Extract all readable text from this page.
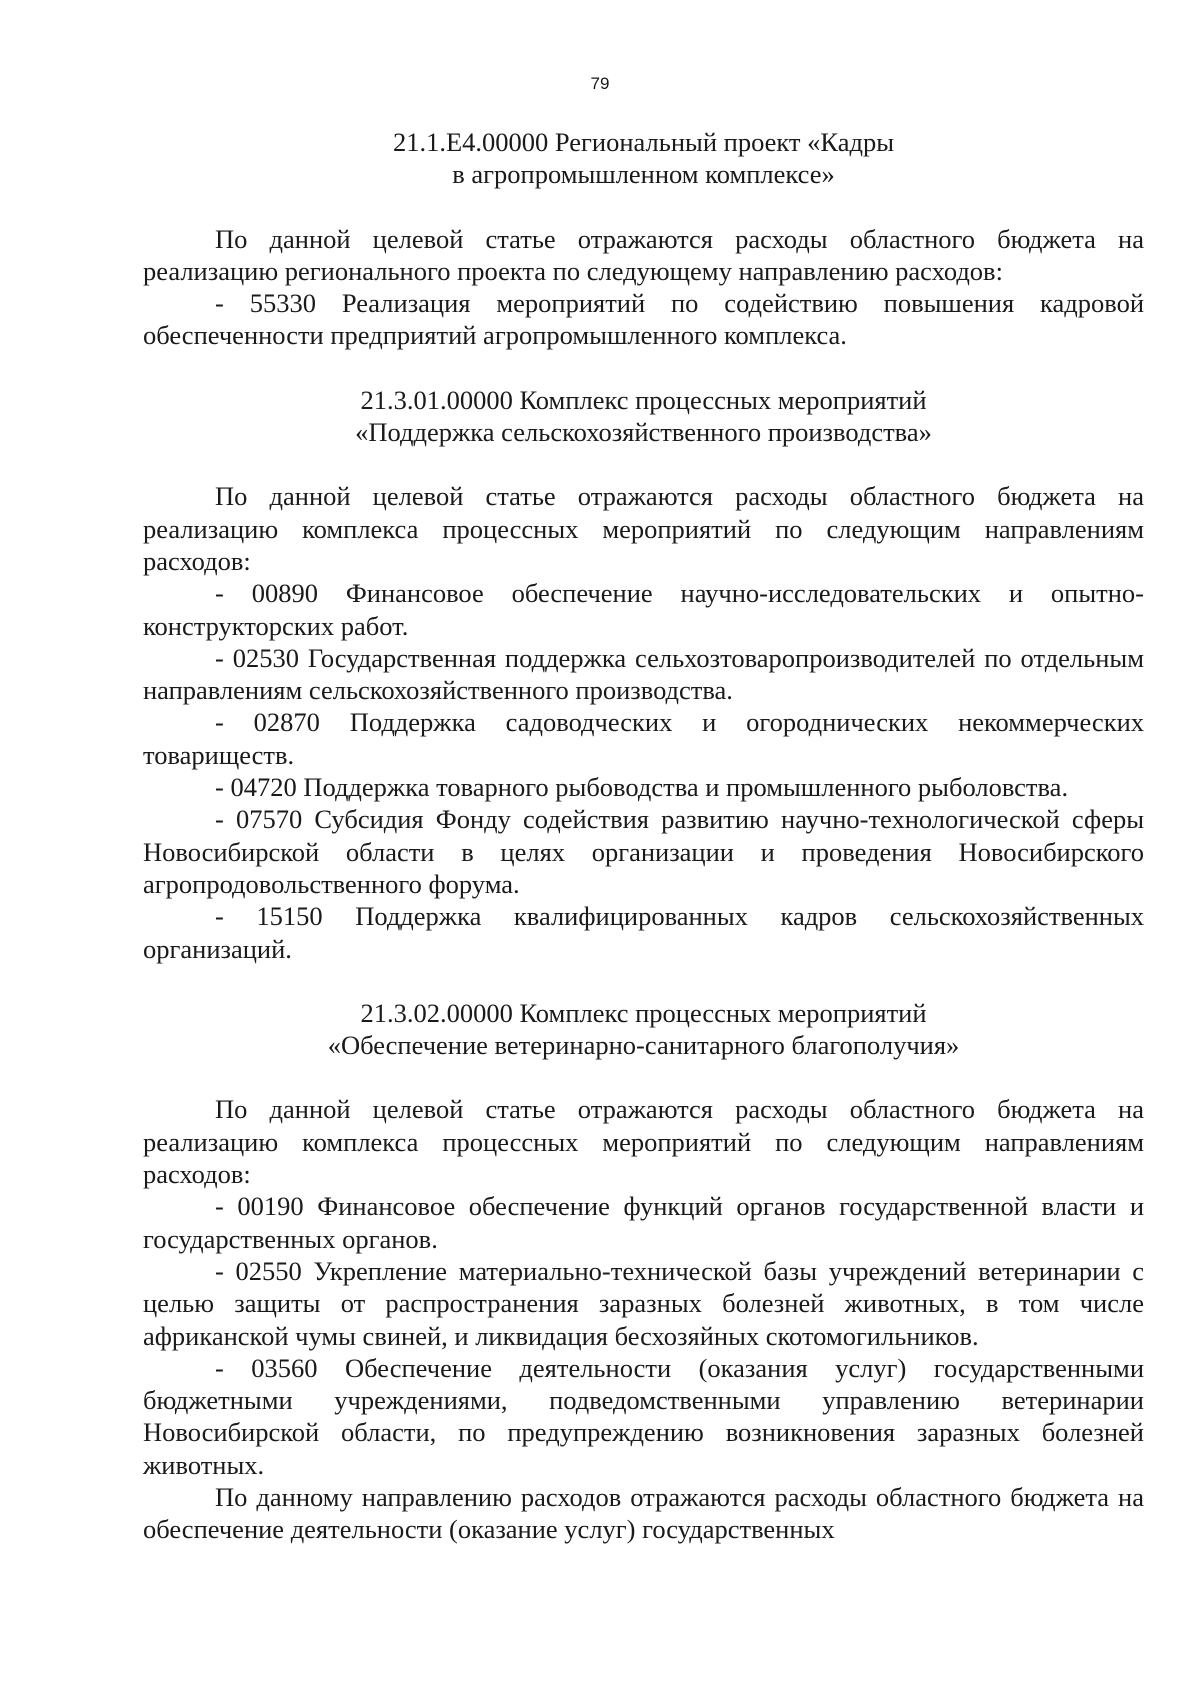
79
21.1.Е4.00000 Региональный проект «Кадры
в агропромышленном комплексе»

По данной целевой статье отражаются расходы областного бюджета на реализацию регионального проекта по следующему направлению расходов:

- 55330 Реализация мероприятий по содействию повышения кадровой обеспеченности предприятий агропромышленного комплекса.

21.3.01.00000 Комплекс процессных мероприятий
«Поддержка сельскохозяйственного производства»

По данной целевой статье отражаются расходы областного бюджета на реализацию комплекса процессных мероприятий по следующим направлениям расходов:

- 00890 Финансовое обеспечение научно-исследовательских и опытно-конструкторских работ.

- 02530 Государственная поддержка сельхозтоваропроизводителей по отдельным направлениям сельскохозяйственного производства.

- 02870 Поддержка садоводческих и огороднических некоммерческих товариществ.

- 04720 Поддержка товарного рыбоводства и промышленного рыболовства.

- 07570 Субсидия Фонду содействия развитию научно-технологической сферы Новосибирской области в целях организации и проведения Новосибирского агропродовольственного форума.

- 15150 Поддержка квалифицированных кадров сельскохозяйственных организаций.

21.3.02.00000 Комплекс процессных мероприятий
«Обеспечение ветеринарно-санитарного благополучия»

По данной целевой статье отражаются расходы областного бюджета на реализацию комплекса процессных мероприятий по следующим направлениям расходов:

- 00190 Финансовое обеспечение функций органов государственной власти и государственных органов.

- 02550 Укрепление материально-технической базы учреждений ветеринарии с целью защиты от распространения заразных болезней животных, в том числе африканской чумы свиней, и ликвидация бесхозяйных скотомогильников.

- 03560 Обеспечение деятельности (оказания услуг) государственными бюджетными учреждениями, подведомственными управлению ветеринарии Новосибирской области, по предупреждению возникновения заразных болезней животных.

По данному направлению расходов отражаются расходы областного бюджета на обеспечение деятельности (оказание услуг) государственных
